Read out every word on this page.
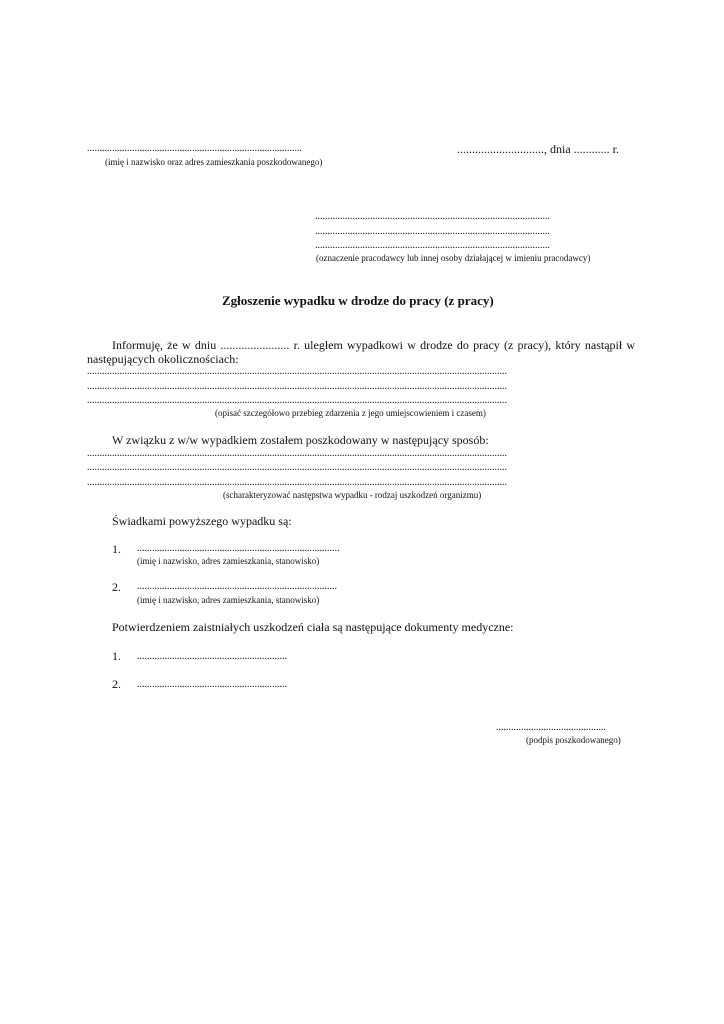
......................................................................................
(imię i nazwisko oraz adres zamieszkania poszkodowanego)
............................., dnia ............ r.
..............................................................................................
..............................................................................................
..............................................................................................
(oznaczenie pracodawcy lub innej osoby działającej w imieniu pracodawcy)
Zgłoszenie wypadku w drodze do pracy (z pracy)
Informuję, że w dniu ....................... r. uległem wypadkowi w drodze do pracy (z pracy), który nastąpił w
następujących okolicznościach:
........................................................................................................................................................................
........................................................................................................................................................................
........................................................................................................................................................................
(opisać szczegółowo przebieg zdarzenia z jego umiejscowieniem i czasem)
W związku z w/w wypadkiem zostałem poszkodowany w następujący sposób:
........................................................................................................................................................................
........................................................................................................................................................................
........................................................................................................................................................................
(scharakteryzować następstwa wypadku - rodzaj uszkodzeń organizmu)
Świadkami powyższego wypadku są:
1. .................................................................................
(imię i nazwisko, adres zamieszkania, stanowisko)
2. ................................................................................
(imię i nazwisko, adres zamieszkania, stanowisko)
Potwierdzeniem zaistniałych uszkodzeń ciała są następujące dokumenty medyczne:
1. ............................................................
2. ............................................................
............................................
(podpis poszkodowanego)
